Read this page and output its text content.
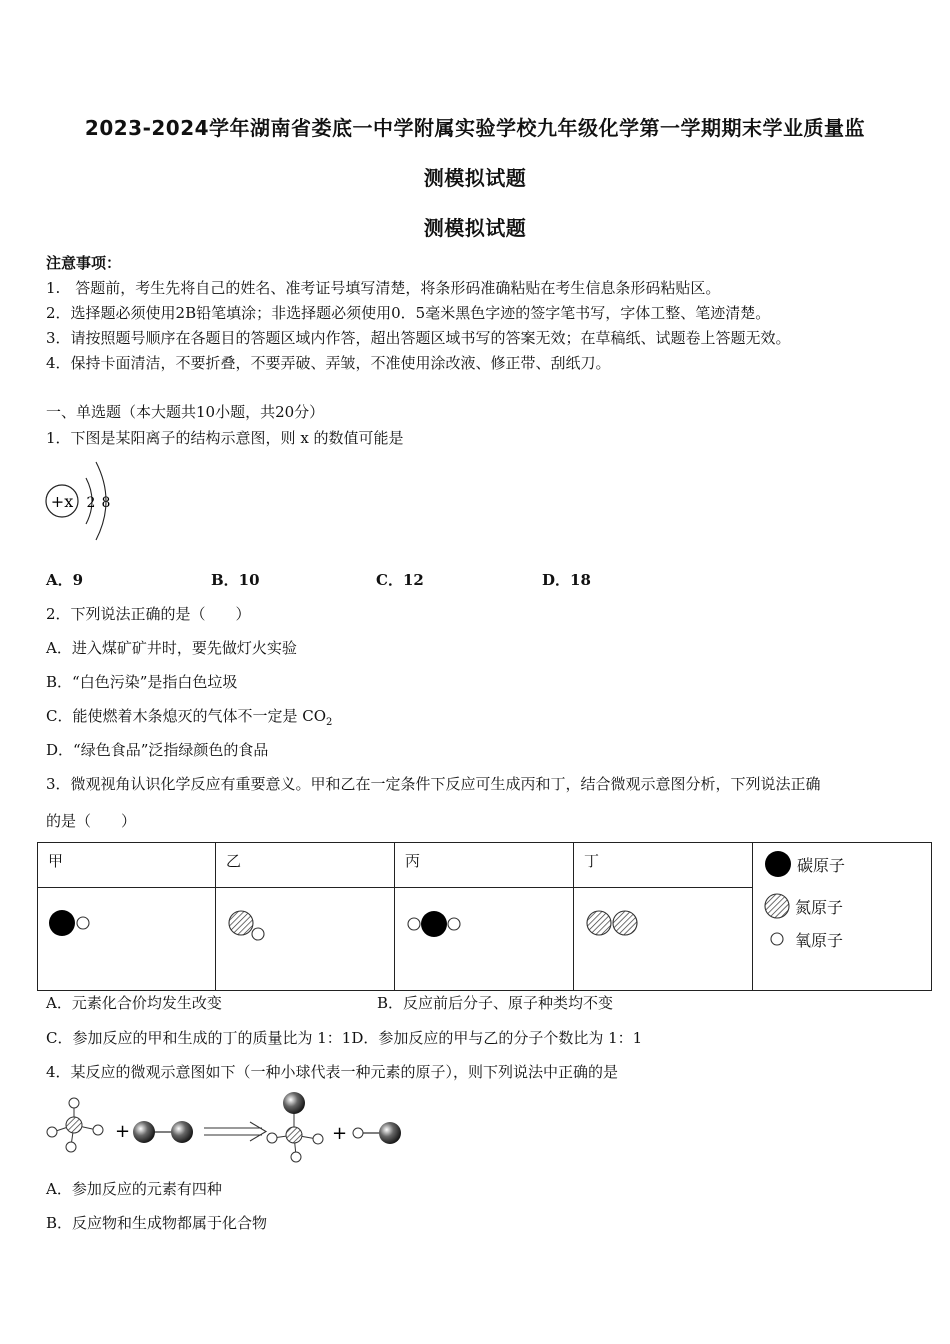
2023-2024学年湖南省娄底一中学附属实验学校九年级化学第一学期期末学业质量监
测模拟试题
测模拟试题
注意事项：
1.　答题前，考生先将自己的姓名、准考证号填写清楚，将条形码准确粘贴在考生信息条形码粘贴区。
2．选择题必须使用2B铅笔填涂；非选择题必须使用0．5毫米黑色字迹的签字笔书写，字体工整、笔迹清楚。
3．请按照题号顺序在各题目的答题区域内作答，超出答题区域书写的答案无效；在草稿纸、试题卷上答题无效。
4．保持卡面清洁，不要折叠，不要弄破、弄皱，不准使用涂改液、修正带、刮纸刀。
一、单选题（本大题共10小题，共20分）
1．下图是某阳离子的结构示意图，则 x 的数值可能是
+x 2 8
A．9	B．10	C．12	D．18
2．下列说法正确的是（　　）
A．进入煤矿矿井时，要先做灯火实验
B．“白色污染”是指白色垃圾
C．能使燃着木条熄灭的气体不一定是 $CO_2$
D．“绿色食品”泛指绿颜色的食品
3．微观视角认识化学反应有重要意义。甲和乙在一定条件下反应可生成丙和丁，结合微观示意图分析，下列说法正确
的是（　　）
甲	乙	丙	丁	碳原子
氮原子
氧原子

A．元素化合价均发生改变	B．反应前后分子、原子种类均不变
C．参加反应的甲和生成的丁的质量比为 1：1D．参加反应的甲与乙的分子个数比为 1：1
4．某反应的微观示意图如下（一种小球代表一种元素的原子），则下列说法中正确的是
+	+
A．参加反应的元素有四种
B．反应物和生成物都属于化合物
